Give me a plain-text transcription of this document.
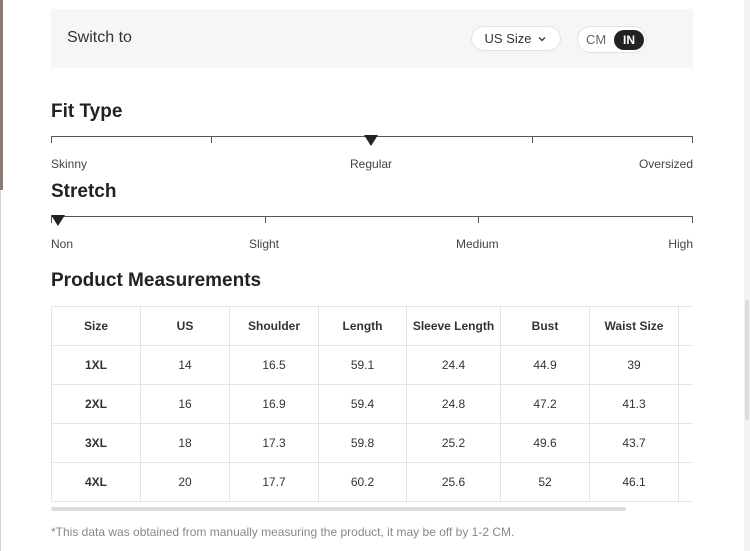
Switch to	US Size	CM	IN
Fit Type
Skinny	Regular	Oversized
Stretch
Non	Slight	Medium	High
Product Measurements
Size	US	Shoulder	Length	Sleeve Length	Bust	Waist Size	
1XL	14	16.5	59.1	24.4	44.9	39	
2XL	16	16.9	59.4	24.8	47.2	41.3	
3XL	18	17.3	59.8	25.2	49.6	43.7	
4XL	20	17.7	60.2	25.6	52	46.1	
*This data was obtained from manually measuring the product, it may be off by 1-2 CM.
